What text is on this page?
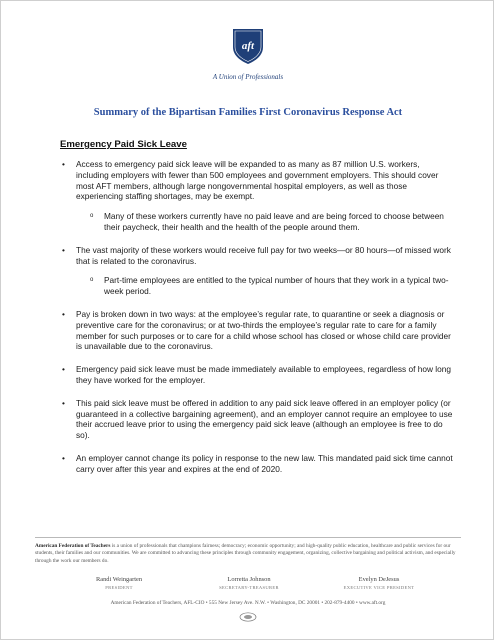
aft
A Union of Professionals
Summary of the Bipartisan Families First Coronavirus Response Act
Emergency Paid Sick Leave
• Access to emergency paid sick leave will be expanded to as many as 87 million U.S. workers, including employers with fewer than 500 employees and government employers. This should cover most AFT members, although large nongovernmental hospital employers, as well as those experiencing staffing shortages, may be exempt.
o Many of these workers currently have no paid leave and are being forced to choose between their paycheck, their health and the health of the people around them.
• The vast majority of these workers would receive full pay for two weeks—or 80 hours—of missed work that is related to the coronavirus.
o Part-time employees are entitled to the typical number of hours that they work in a typical two-week period.
• Pay is broken down in two ways: at the employee’s regular rate, to quarantine or seek a diagnosis or preventive care for the coronavirus; or at two-thirds the employee’s regular rate to care for a family member for such purposes or to care for a child whose school has closed or whose child care provider is unavailable due to the coronavirus.
• Emergency paid sick leave must be made immediately available to employees, regardless of how long they have worked for the employer.
• This paid sick leave must be offered in addition to any paid sick leave offered in an employer policy (or guaranteed in a collective bargaining agreement), and an employer cannot require an employee to use their accrued leave prior to using the emergency paid sick leave (although an employee is free to do so).
• An employer cannot change its policy in response to the new law. This mandated paid sick time cannot carry over after this year and expires at the end of 2020.
American Federation of Teachers is a union of professionals that champions fairness; democracy; economic opportunity; and high-quality public education, healthcare and public services for our students, their families and our communities. We are committed to advancing these principles through community engagement, organizing, collective bargaining and political activism, and especially through the work our members do.
Randi Weingarten
PRESIDENT
Lorretta Johnson
SECRETARY-TREASURER
Evelyn DeJesus
EXECUTIVE VICE PRESIDENT
American Federation of Teachers, AFL-CIO • 555 New Jersey Ave. N.W. • Washington, DC 20001 • 202-879-4400 • www.aft.org
